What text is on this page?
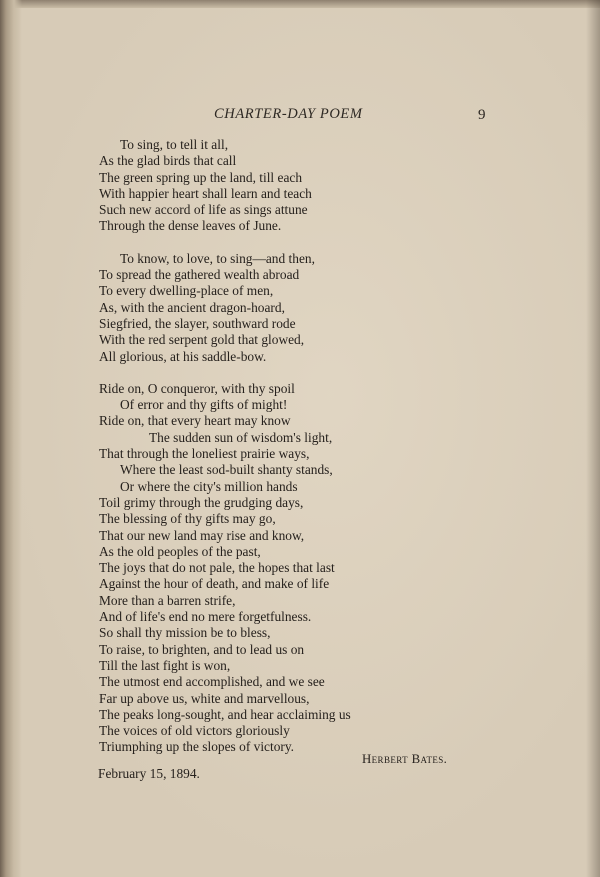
CHARTER-DAY POEM	9
To sing, to tell it all,
As the glad birds that call
The green spring up the land, till each
With happier heart shall learn and teach
Such new accord of life as sings attune
Through the dense leaves of June.
To know, to love, to sing—and then,
To spread the gathered wealth abroad
To every dwelling-place of men,
As, with the ancient dragon-hoard,
Siegfried, the slayer, southward rode
With the red serpent gold that glowed,
All glorious, at his saddle-bow.
Ride on, O conqueror, with thy spoil
Of error and thy gifts of might!
Ride on, that every heart may know
The sudden sun of wisdom's light,
That through the loneliest prairie ways,
Where the least sod-built shanty stands,
Or where the city's million hands
Toil grimy through the grudging days,
The blessing of thy gifts may go,
That our new land may rise and know,
As the old peoples of the past,
The joys that do not pale, the hopes that last
Against the hour of death, and make of life
More than a barren strife,
And of life's end no mere forgetfulness.
So shall thy mission be to bless,
To raise, to brighten, and to lead us on
Till the last fight is won,
The utmost end accomplished, and we see
Far up above us, white and marvellous,
The peaks long-sought, and hear acclaiming us
The voices of old victors gloriously
Triumphing up the slopes of victory.
Herbert Bates.
February 15, 1894.
